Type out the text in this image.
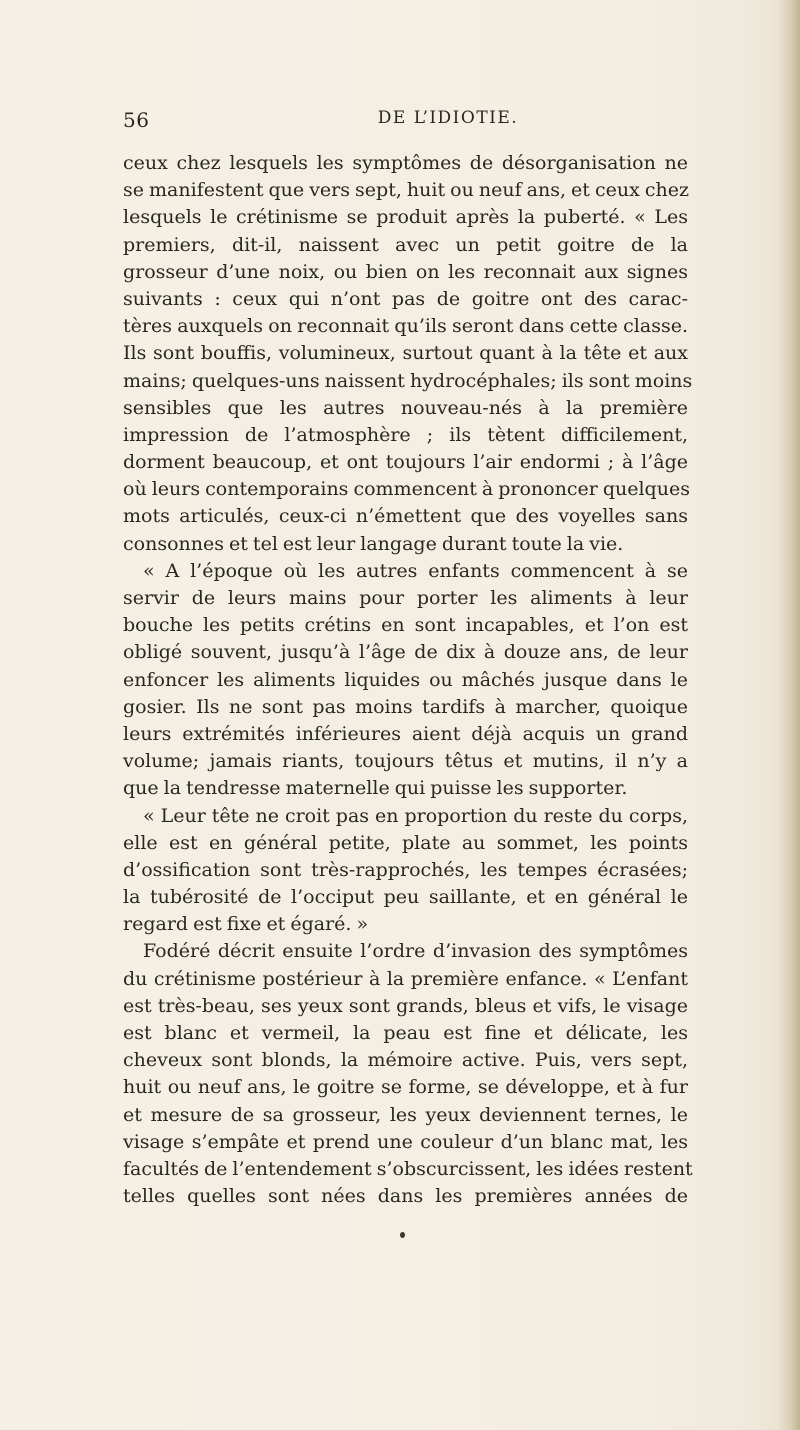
56	DE L’IDIOTIE.
ceux chez lesquels les symptômes de désorganisation ne
se manifestent que vers sept, huit ou neuf ans, et ceux chez
lesquels le crétinisme se produit après la puberté. « Les
premiers, dit-il, naissent avec un petit goitre de la
grosseur d’une noix, ou bien on les reconnait aux signes
suivants : ceux qui n’ont pas de goitre ont des carac-
tères auxquels on reconnait qu’ils seront dans cette classe.
Ils sont bouffis, volumineux, surtout quant à la tête et aux
mains; quelques-uns naissent hydrocéphales; ils sont moins
sensibles que les autres nouveau-nés à la première
impression de l’atmosphère ; ils tètent difficilement,
dorment beaucoup, et ont toujours l’air endormi ; à l’âge
où leurs contemporains commencent à prononcer quelques
mots articulés, ceux-ci n’émettent que des voyelles sans
consonnes et tel est leur langage durant toute la vie.
« A l’époque où les autres enfants commencent à se
servir de leurs mains pour porter les aliments à leur
bouche les petits crétins en sont incapables, et l’on est
obligé souvent, jusqu’à l’âge de dix à douze ans, de leur
enfoncer les aliments liquides ou mâchés jusque dans le
gosier. Ils ne sont pas moins tardifs à marcher, quoique
leurs extrémités inférieures aient déjà acquis un grand
volume; jamais riants, toujours têtus et mutins, il n’y a
que la tendresse maternelle qui puisse les supporter.
« Leur tête ne croit pas en proportion du reste du corps,
elle est en général petite, plate au sommet, les points
d’ossification sont très-rapprochés, les tempes écrasées;
la tubérosité de l’occiput peu saillante, et en général le
regard est fixe et égaré. »
Fodéré décrit ensuite l’ordre d’invasion des symptômes
du crétinisme postérieur à la première enfance. « L’enfant
est très-beau, ses yeux sont grands, bleus et vifs, le visage
est blanc et vermeil, la peau est fine et délicate, les
cheveux sont blonds, la mémoire active. Puis, vers sept,
huit ou neuf ans, le goitre se forme, se développe, et à fur
et mesure de sa grosseur, les yeux deviennent ternes, le
visage s’empâte et prend une couleur d’un blanc mat, les
facultés de l’entendement s’obscurcissent, les idées restent
telles quelles sont nées dans les premières années de
